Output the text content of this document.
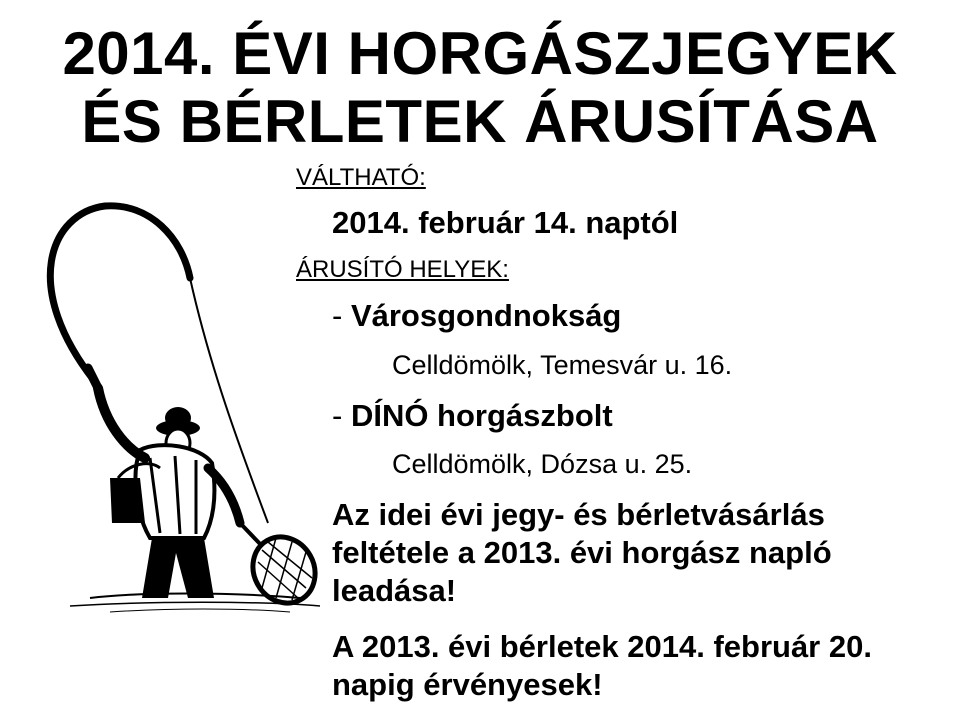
2014. ÉVI HORGÁSZJEGYEK
ÉS BÉRLETEK ÁRUSÍTÁSA
VÁLTHATÓ:
2014. február 14. naptól
ÁRUSÍTÓ HELYEK:
- Városgondnokság
Celldömölk, Temesvár u. 16.
- DÍNÓ horgászbolt
Celldömölk, Dózsa u. 25.
Az idei évi jegy- és bérletvásárlás
feltétele a 2013. évi horgász napló
leadása!
A 2013. évi bérletek 2014. február 20.
napig érvényesek!
